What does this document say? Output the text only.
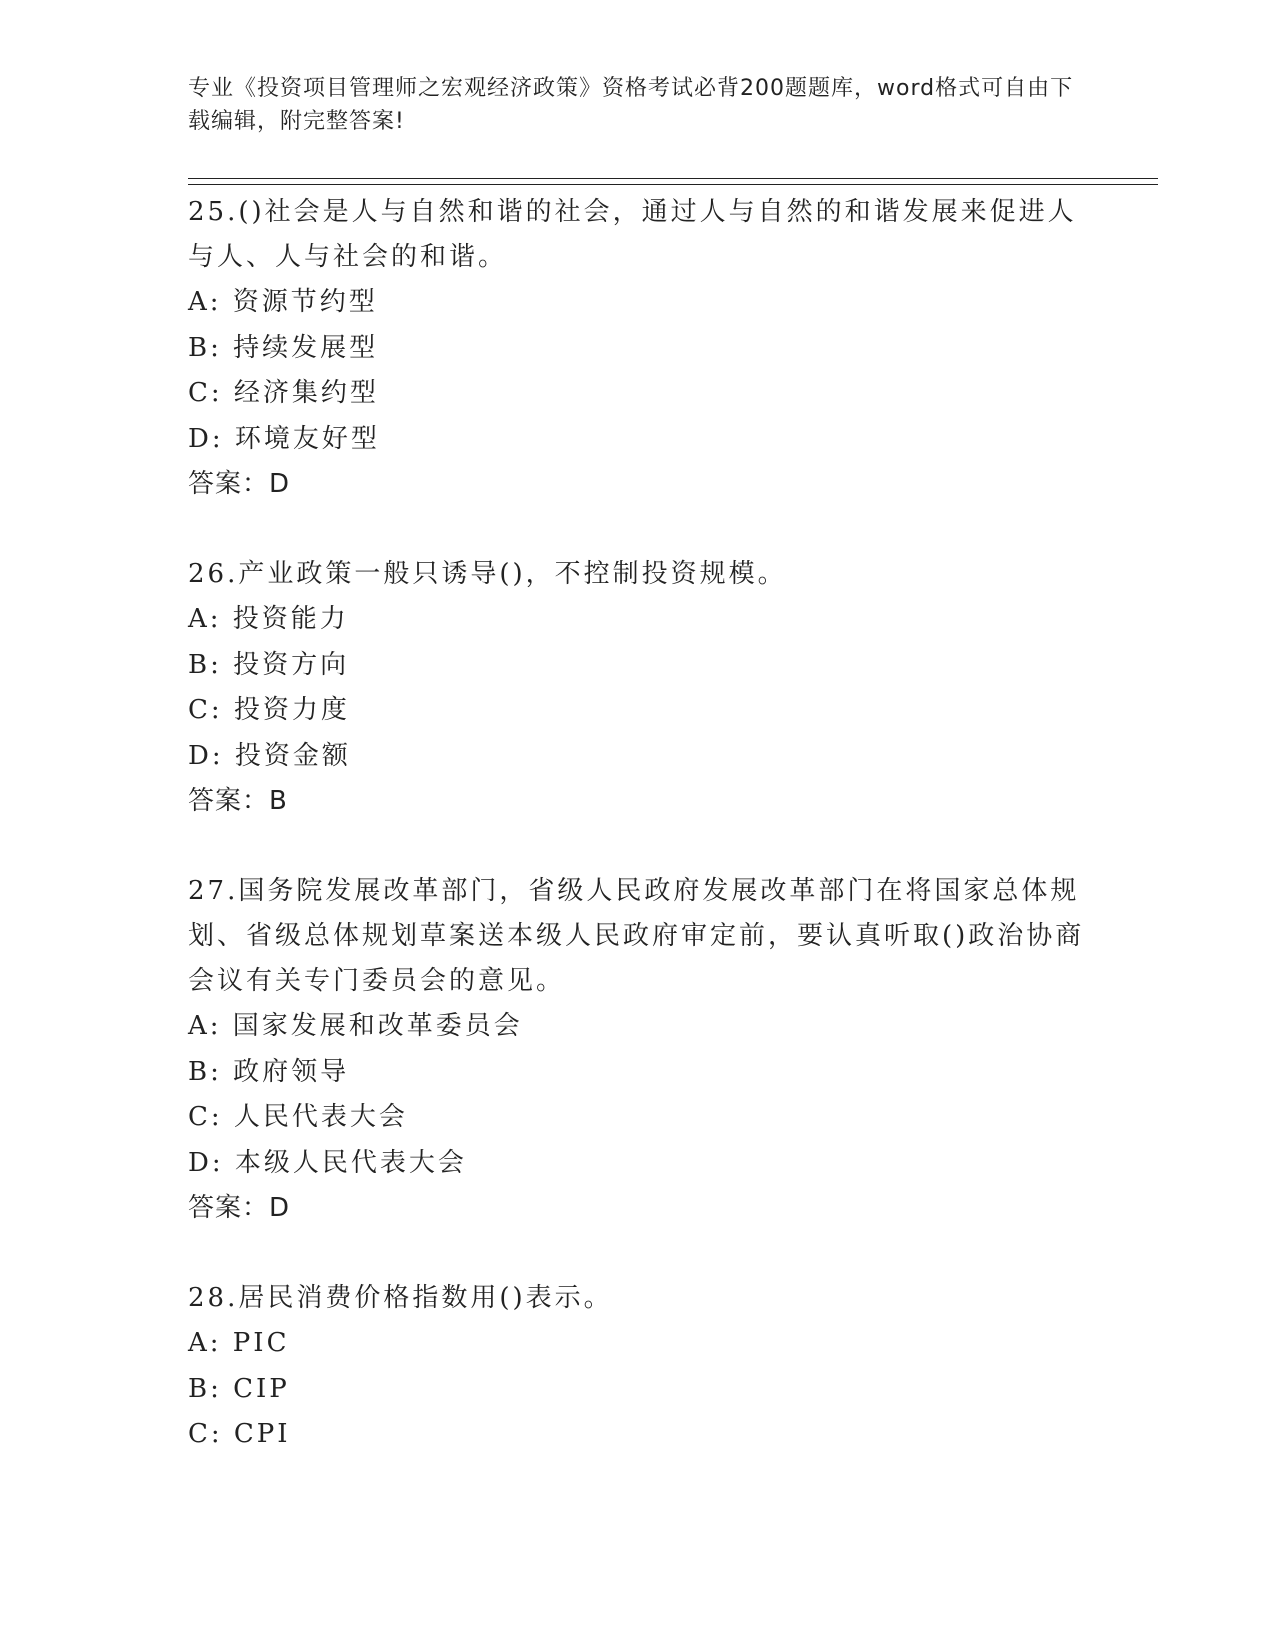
专业《投资项目管理师之宏观经济政策》资格考试必背200题题库，word格式可自由下载编辑，附完整答案!
25.()社会是人与自然和谐的社会，通过人与自然的和谐发展来促进人与人、人与社会的和谐。
A: 资源节约型
B: 持续发展型
C: 经济集约型
D: 环境友好型
答案：D
26.产业政策一般只诱导()，不控制投资规模。
A: 投资能力
B: 投资方向
C: 投资力度
D: 投资金额
答案：B
27.国务院发展改革部门，省级人民政府发展改革部门在将国家总体规划、省级总体规划草案送本级人民政府审定前，要认真听取()政治协商会议有关专门委员会的意见。
A: 国家发展和改革委员会
B: 政府领导
C: 人民代表大会
D: 本级人民代表大会
答案：D
28.居民消费价格指数用()表示。
A: PIC
B: CIP
C: CPI
